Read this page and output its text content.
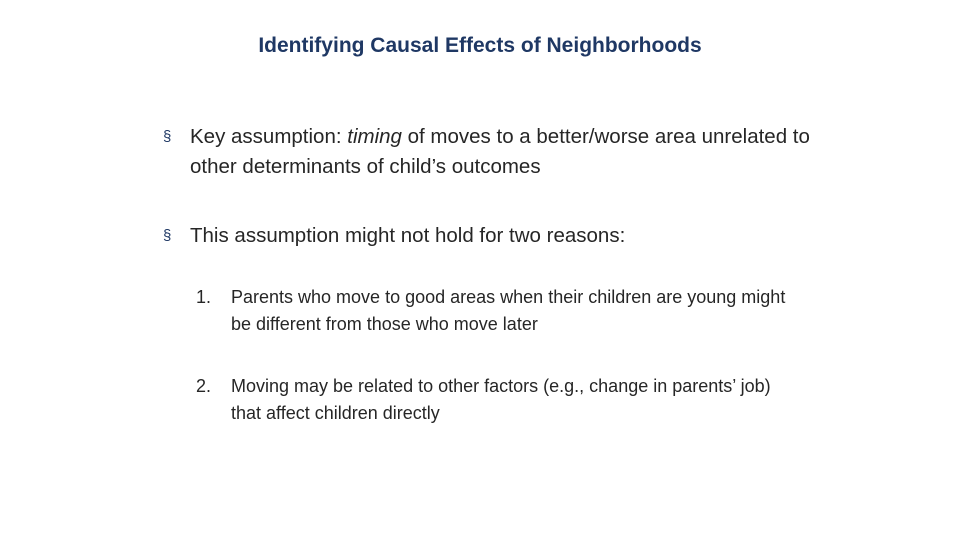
Identifying Causal Effects of Neighborhoods
§ Key assumption: timing of moves to a better/worse area unrelated to other determinants of child’s outcomes
§ This assumption might not hold for two reasons:
1. Parents who move to good areas when their children are young might be different from those who move later
2. Moving may be related to other factors (e.g., change in parents’ job) that affect children directly
